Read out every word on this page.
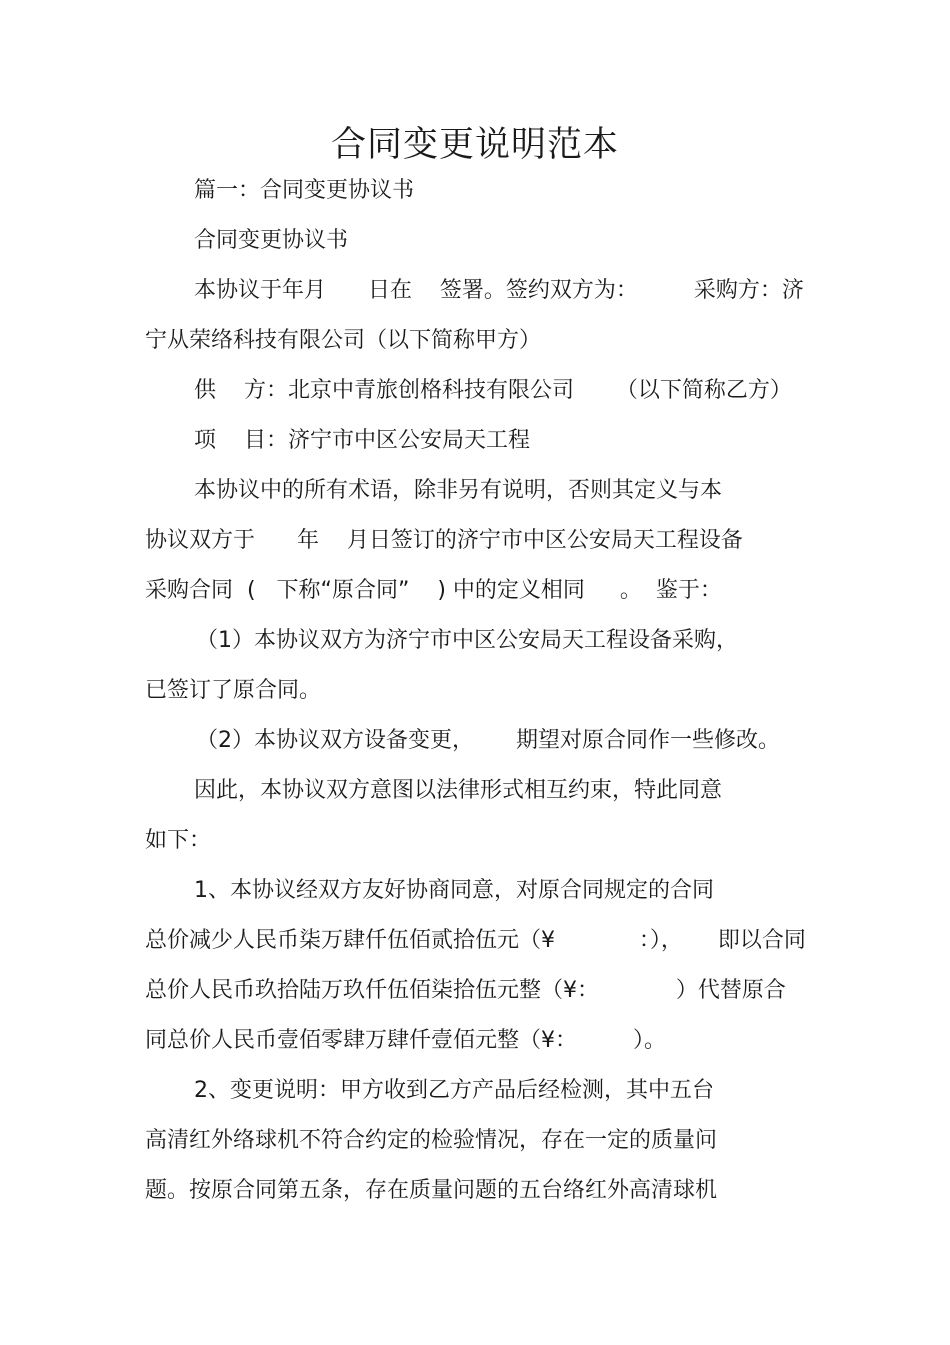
合同变更说明范本

篇一：合同变更协议书

合同变更协议书

本协议于年月      日在    签署。签约双方为：        采购方：济

宁从荣络科技有限公司（以下简称甲方）

供    方：北京中青旅创格科技有限公司      （以下简称乙方）

项    目：济宁市中区公安局天工程

本协议中的所有术语，除非另有说明，否则其定义与本

协议双方于      年    月日签订的济宁市中区公安局天工程设备

采购合同  (   下称“原合同”    ) 中的定义相同     。  鉴于：

（1）本协议双方为济宁市中区公安局天工程设备采购，

已签订了原合同。

（2）本协议双方设备变更，      期望对原合同作一些修改。

因此，本协议双方意图以法律形式相互约束，特此同意

如下：

1、本协议经双方友好协商同意，对原合同规定的合同

总价减少人民币柒万肆仟伍佰贰拾伍元（¥            ：），     即以合同

总价人民币玖拾陆万玖仟伍佰柒拾伍元整（¥：           ）代替原合

同总价人民币壹佰零肆万肆仟壹佰元整（¥：        ）。

2、变更说明：甲方收到乙方产品后经检测，其中五台

高清红外络球机不符合约定的检验情况，存在一定的质量问

题。按原合同第五条，存在质量问题的五台络红外高清球机
